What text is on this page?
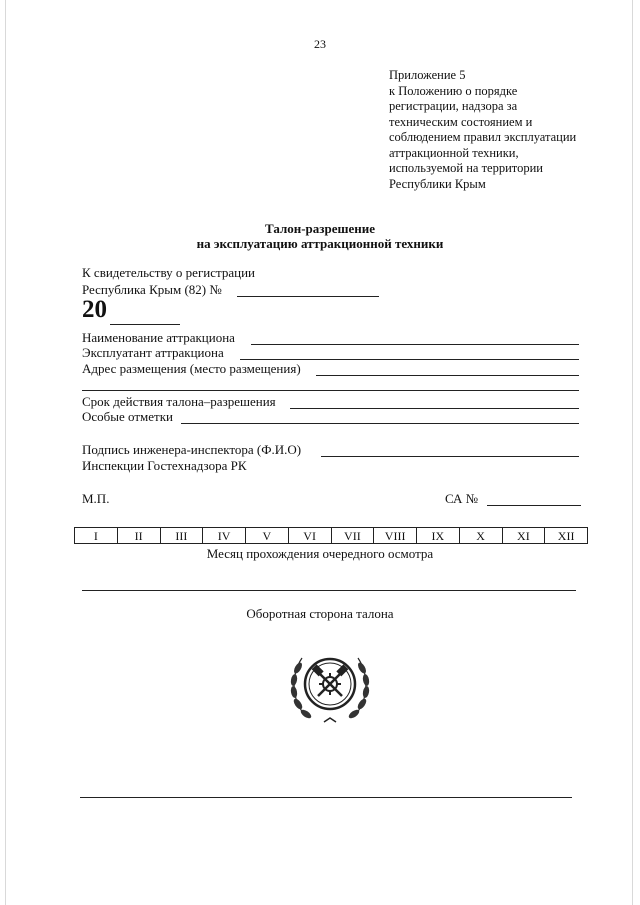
23
Приложение 5
к Положению о порядке
регистрации, надзора за
техническим состоянием и
соблюдением правил эксплуатации
аттракционной техники,
используемой на территории
Республики Крым
Талон-разрешение
на эксплуатацию аттракционной техники
К свидетельству о регистрации
Республика Крым (82) №
20
Наименование аттракциона
Эксплуатант аттракциона
Адрес размещения (место размещения)
Срок действия талона–разрешения
Особые отметки
Подпись инженера-инспектора (Ф.И.О)
Инспекции Гостехнадзора РК
М.П.	СА №
I	II	III	IV	V	VI	VII	VIII	IX	X	XI	XII
Месяц прохождения очередного осмотра
Оборотная сторона талона
